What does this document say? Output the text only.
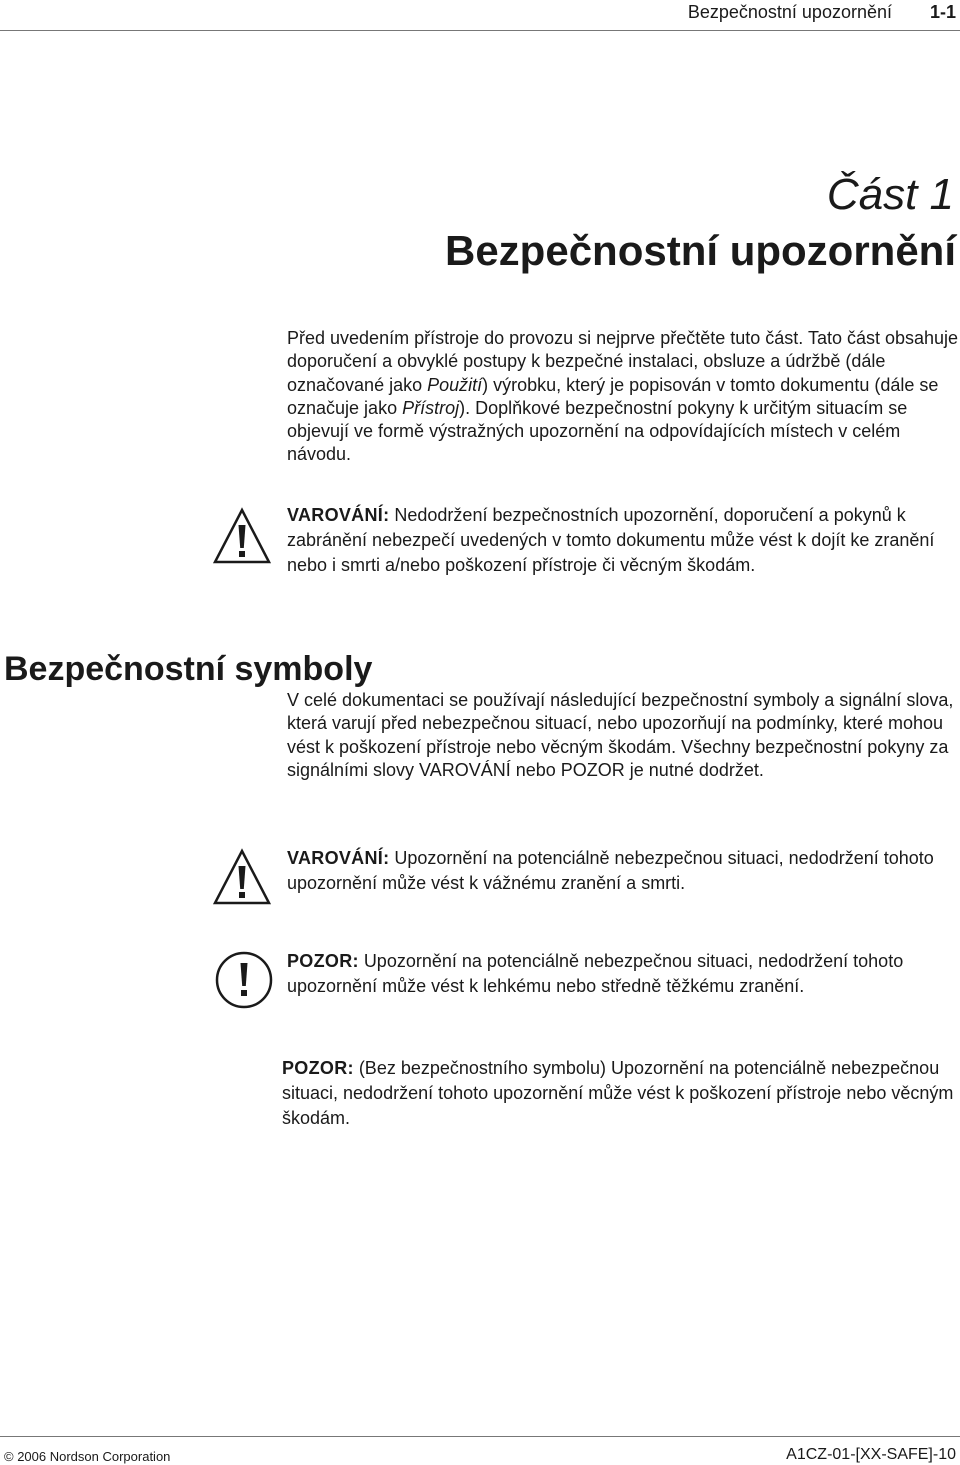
Bezpečnostní upozornění 1-1
Část 1
Bezpečnostní upozornění
Před uvedením přístroje do provozu si nejprve přečtěte tuto část. Tato část obsahuje doporučení a obvyklé postupy k bezpečné instalaci, obsluze a údržbě (dále označované jako Použití) výrobku, který je popisován v tomto dokumentu (dále se označuje jako Přístroj). Doplňkové bezpečnostní pokyny k určitým situacím se objevují ve formě výstražných upozornění na odpovídajících místech v celém návodu.
VAROVÁNÍ: Nedodržení bezpečnostních upozornění, doporučení a pokynů k zabránění nebezpečí uvedených v tomto dokumentu může vést k dojít ke zranění nebo i smrti a/nebo poškození přístroje či věcným škodám.
Bezpečnostní symboly
V celé dokumentaci se používají následující bezpečnostní symboly a signální slova, která varují před nebezpečnou situací, nebo upozorňují na podmínky, které mohou vést k poškození přístroje nebo věcným škodám. Všechny bezpečnostní pokyny za signálními slovy VAROVÁNÍ nebo POZOR je nutné dodržet.
VAROVÁNÍ: Upozornění na potenciálně nebezpečnou situaci, nedodržení tohoto upozornění může vést k vážnému zranění a smrti.
POZOR: Upozornění na potenciálně nebezpečnou situaci, nedodržení tohoto upozornění může vést k lehkému nebo středně těžkému zranění.
POZOR: (Bez bezpečnostního symbolu) Upozornění na potenciálně nebezpečnou situaci, nedodržení tohoto upozornění může vést k poškození přístroje nebo věcným škodám.
© 2006 Nordson Corporation	A1CZ-01-[XX-SAFE]-10
